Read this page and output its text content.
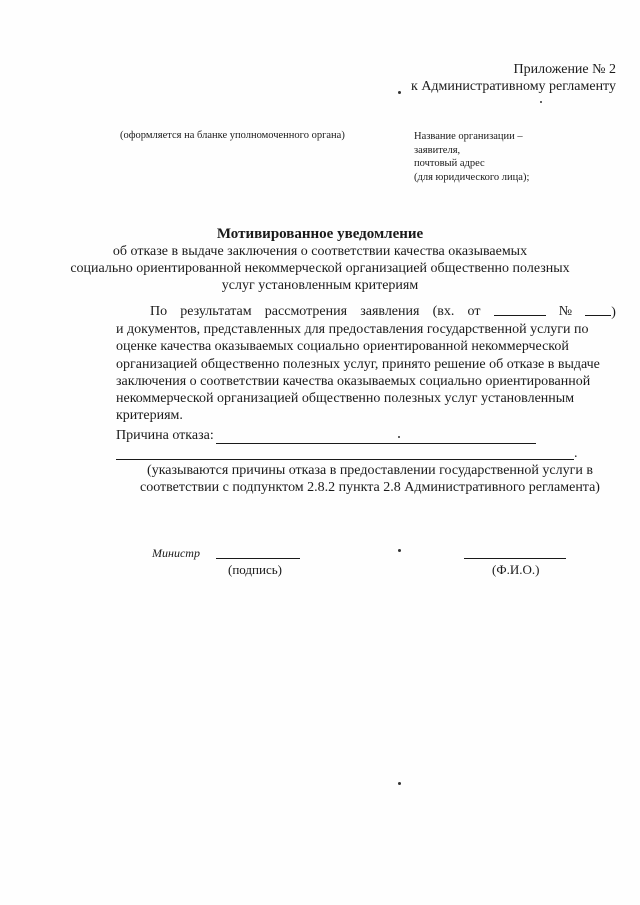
Приложение № 2
к Административному регламенту
(оформляется на бланке уполномоченного органа)	Название организации –
заявителя,
почтовый адрес
(для юридического лица);
Мотивированное уведомление
об отказе в выдаче заключения о соответствии качества оказываемых
социально ориентированной некоммерческой организацией общественно полезных
услуг установленным критериям
По результатам рассмотрения заявления (вх. от	№	)
и документов, представленных для предоставления государственной услуги по
оценке качества оказываемых социально ориентированной некоммерческой
организацией общественно полезных услуг, принято решение об отказе в выдаче
заключения о соответствии качества оказываемых социально ориентированной
некоммерческой организацией общественно полезных услуг установленным
критериям.
Причина отказа:
.
(указываются причины отказа в предоставлении государственной услуги в
соответствии с подпунктом 2.8.2 пункта 2.8 Административного регламента)
Министр
(подпись)	(Ф.И.О.)
